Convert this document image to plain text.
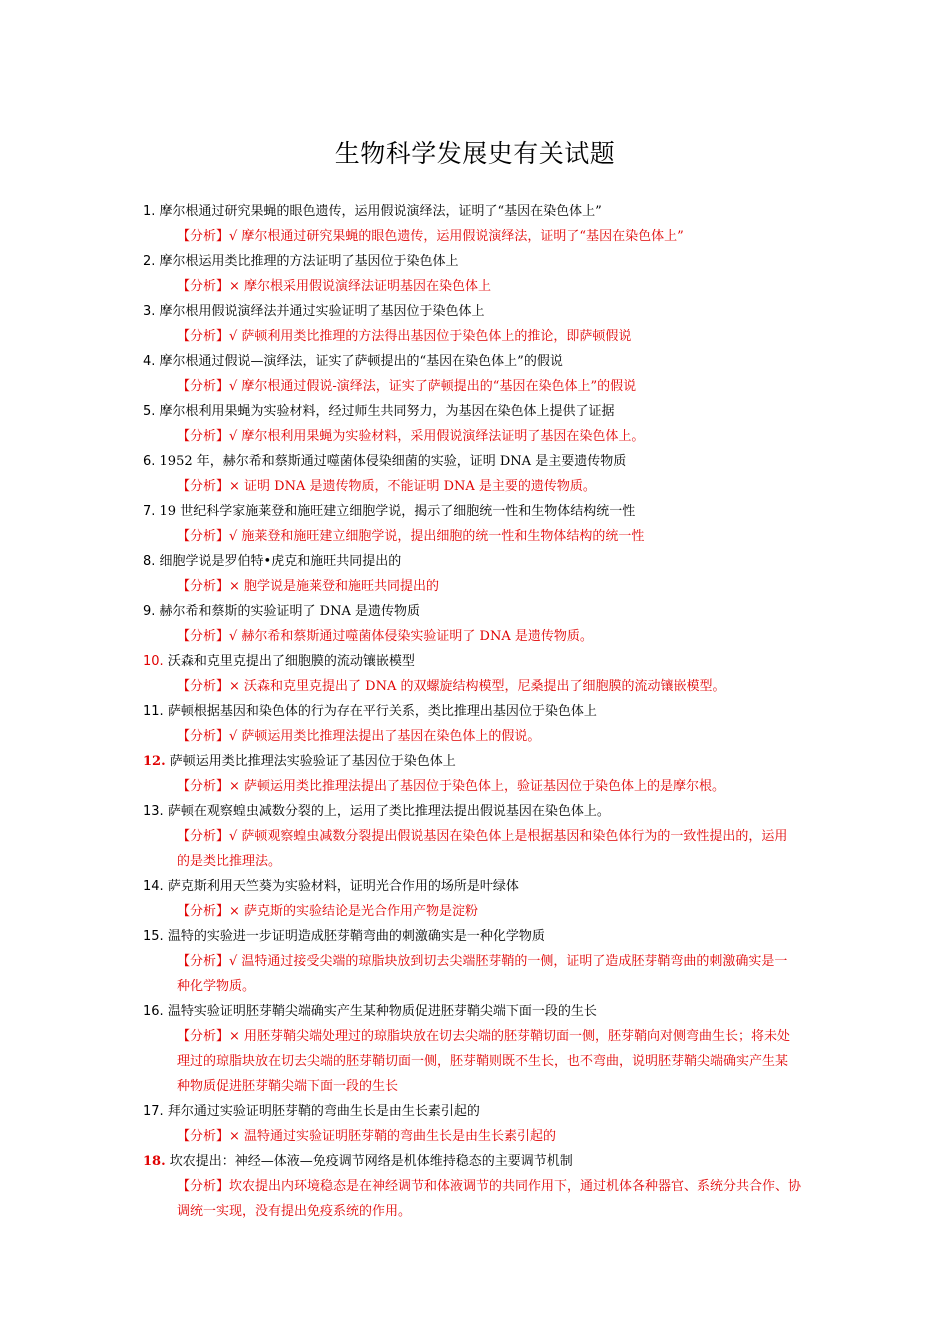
生物科学发展史有关试题
1. 摩尔根通过研究果蝇的眼色遗传，运用假说演绎法，证明了“基因在染色体上”
【分析】√ 摩尔根通过研究果蝇的眼色遗传，运用假说演绎法，证明了“基因在染色体上”
2. 摩尔根运用类比推理的方法证明了基因位于染色体上
【分析】× 摩尔根采用假说演绎法证明基因在染色体上
3. 摩尔根用假说演绎法并通过实验证明了基因位于染色体上
【分析】√ 萨顿利用类比推理的方法得出基因位于染色体上的推论，即萨顿假说
4. 摩尔根通过假说—演绎法，证实了萨顿提出的“基因在染色体上”的假说
【分析】√ 摩尔根通过假说-演绎法，证实了萨顿提出的“基因在染色体上”的假说
5. 摩尔根利用果蝇为实验材料，经过师生共同努力，为基因在染色体上提供了证据
【分析】√ 摩尔根利用果蝇为实验材料，采用假说演绎法证明了基因在染色体上。
6. 1952 年，赫尔希和蔡斯通过噬菌体侵染细菌的实验，证明 DNA 是主要遗传物质
【分析】× 证明 DNA 是遗传物质，不能证明 DNA 是主要的遗传物质。
7. 19 世纪科学家施莱登和施旺建立细胞学说，揭示了细胞统一性和生物体结构统一性
【分析】√ 施莱登和施旺建立细胞学说，提出细胞的统一性和生物体结构的统一性
8. 细胞学说是罗伯特•虎克和施旺共同提出的
【分析】× 胞学说是施莱登和施旺共同提出的
9. 赫尔希和蔡斯的实验证明了 DNA 是遗传物质
【分析】√ 赫尔希和蔡斯通过噬菌体侵染实验证明了 DNA 是遗传物质。
10. 沃森和克里克提出了细胞膜的流动镶嵌模型
【分析】× 沃森和克里克提出了 DNA 的双螺旋结构模型，尼桑提出了细胞膜的流动镶嵌模型。
11. 萨顿根据基因和染色体的行为存在平行关系，类比推理出基因位于染色体上
【分析】√ 萨顿运用类比推理法提出了基因在染色体上的假说。
12. 萨顿运用类比推理法实验验证了基因位于染色体上
【分析】× 萨顿运用类比推理法提出了基因位于染色体上，验证基因位于染色体上的是摩尔根。
13. 萨顿在观察蝗虫减数分裂的上，运用了类比推理法提出假说基因在染色体上。
【分析】√ 萨顿观察蝗虫减数分裂提出假说基因在染色体上是根据基因和染色体行为的一致性提出的，运用
的是类比推理法。
14. 萨克斯利用天竺葵为实验材料，证明光合作用的场所是叶绿体
【分析】× 萨克斯的实验结论是光合作用产物是淀粉
15. 温特的实验进一步证明造成胚芽鞘弯曲的刺激确实是一种化学物质
【分析】√ 温特通过接受尖端的琼脂块放到切去尖端胚芽鞘的一侧，证明了造成胚芽鞘弯曲的刺激确实是一
种化学物质。
16. 温特实验证明胚芽鞘尖端确实产生某种物质促进胚芽鞘尖端下面一段的生长
【分析】× 用胚芽鞘尖端处理过的琼脂块放在切去尖端的胚芽鞘切面一侧，胚芽鞘向对侧弯曲生长；将未处
理过的琼脂块放在切去尖端的胚芽鞘切面一侧，胚芽鞘则既不生长，也不弯曲，说明胚芽鞘尖端确实产生某
种物质促进胚芽鞘尖端下面一段的生长
17. 拜尔通过实验证明胚芽鞘的弯曲生长是由生长素引起的
【分析】× 温特通过实验证明胚芽鞘的弯曲生长是由生长素引起的
18. 坎农提出：神经—体液—免疫调节网络是机体维持稳态的主要调节机制
【分析】坎农提出内环境稳态是在神经调节和体液调节的共同作用下，通过机体各种器官、系统分共合作、协
调统一实现，没有提出免疫系统的作用。
